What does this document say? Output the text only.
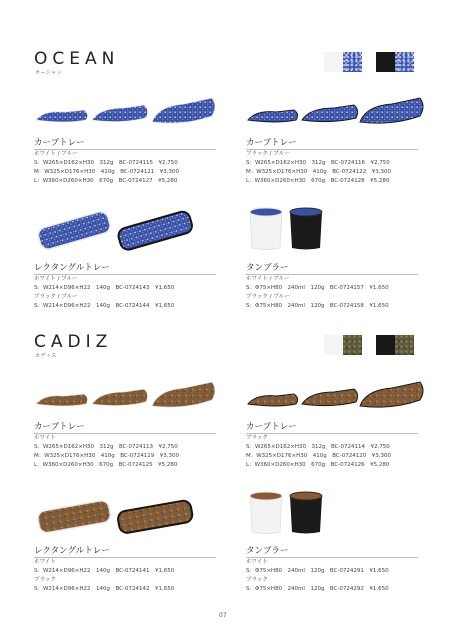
OCEAN
オーシャン
カーブトレー
ホワイト / ブルー
S：W265×D162×H30　312g　BC-0724115　¥2,750
M：W325×D176×H30　410g　BC-0724121　¥3,300
L：W360×D260×H30　670g　BC-0724127　¥5,280
カーブトレー
ブラック / ブルー
S：W265×D162×H30　312g　BC-0724116　¥2,750
M：W325×D176×H30　410g　BC-0724122　¥3,300
L：W360×D260×H30　670g　BC-0724128　¥5,280
レクタングルトレー
ホワイト / ブルー
S：W214×D96×H22　140g　BC-0724143　¥1,650
ブラック / ブルー
S：W214×D96×H22　140g　BC-0724144　¥1,650
タンブラー
ホワイト / ブルー
S：Φ75×H80　240ml　120g　BC-0724157　¥1,650
ブラック / ブルー
S：Φ75×H80　240ml　120g　BC-0724158　¥1,650
CADIZ
カディス
カーブトレー
ホワイト
S：W265×D162×H30　312g　BC-0724113　¥2,750
M：W325×D176×H30　410g　BC-0724119　¥3,300
L：W360×D260×H30　670g　BC-0724125　¥5,280
カーブトレー
ブラック
S：W265×D162×H30　312g　BC-0724114　¥2,750
M：W325×D176×H30　410g　BC-0724120　¥3,300
L：W360×D260×H30　670g　BC-0724126　¥5,280
レクタングルトレー
ホワイト
S：W214×D96×H22　140g　BC-0724141　¥1,650
ブラック
S：W214×D96×H22　140g　BC-0724142　¥1,650
タンブラー
ホワイト
S：Φ75×H80　240ml　120g　BC-0724291　¥1,650
ブラック
S：Φ75×H80　240ml　120g　BC-0724292　¥1,650
07
